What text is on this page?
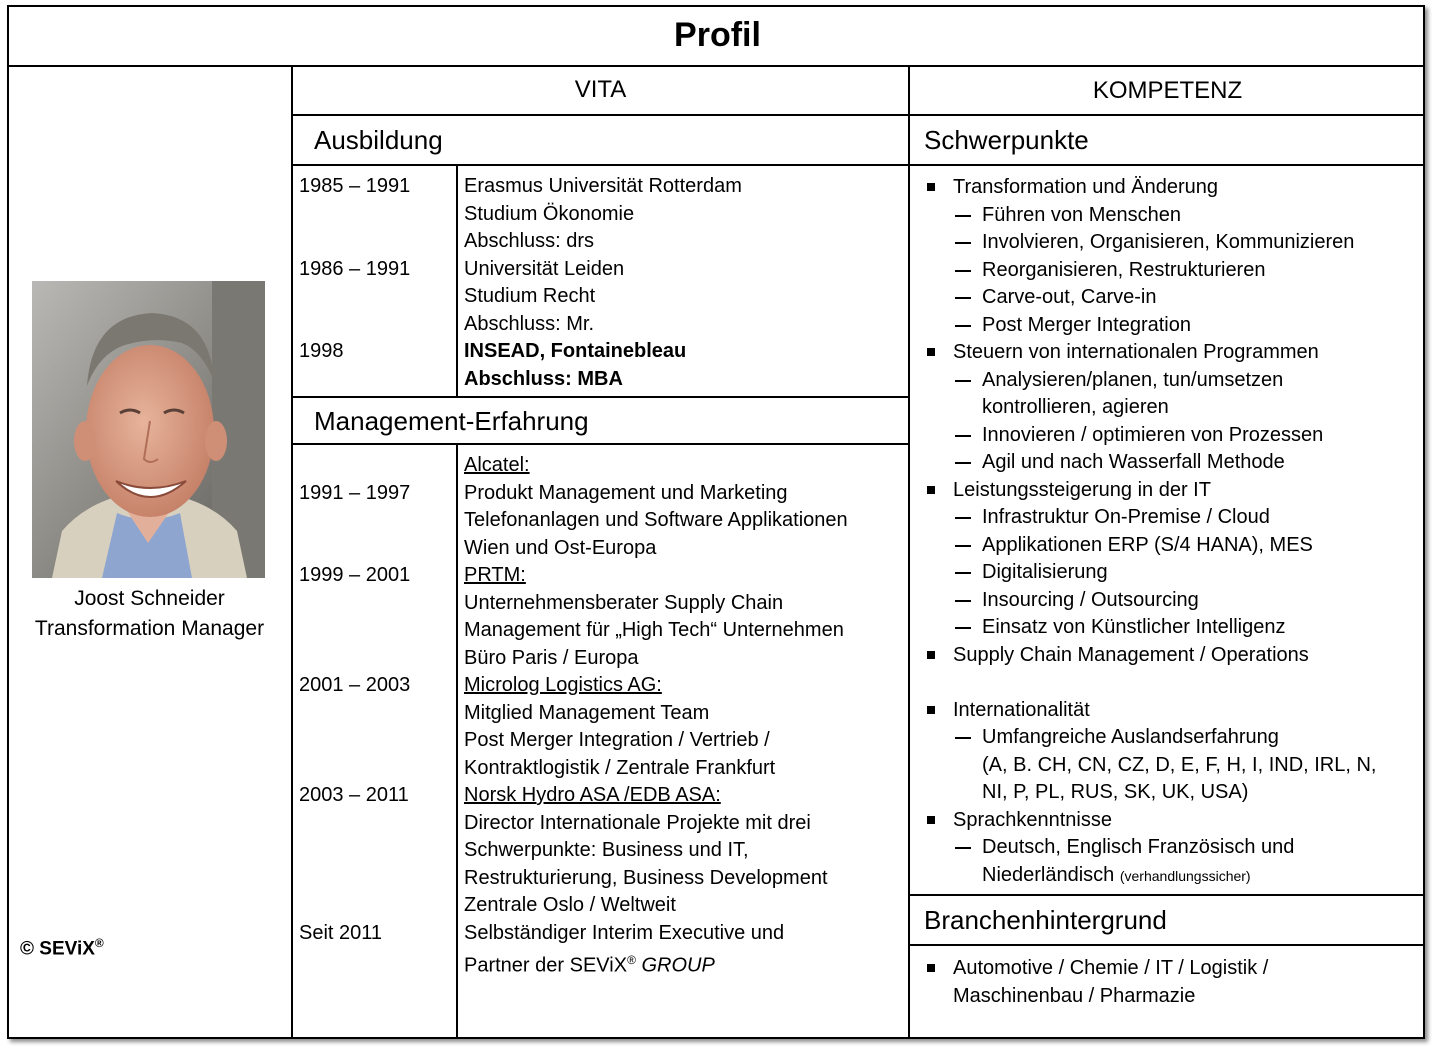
Profil
Joost Schneider
Transformation Manager
© SEViX®
VITA	KOMPETENZ
Ausbildung
1985 – 1991
1986 – 1991
1998
Erasmus Universität Rotterdam
Studium Ökonomie
Abschluss: drs
Universität Leiden
Studium Recht
Abschluss: Mr.
INSEAD, Fontainebleau
Abschluss: MBA
Management-Erfahrung
1991 – 1997
1999 – 2001
2001 – 2003
2003 – 2011
Seit 2011
Alcatel:
Produkt Management und Marketing
Telefonanlagen und Software Applikationen
Wien und Ost-Europa
PRTM:
Unternehmensberater Supply Chain
Management für „High Tech“ Unternehmen
Büro Paris / Europa
Microlog Logistics AG:
Mitglied Management Team
Post Merger Integration / Vertrieb /
Kontraktlogistik / Zentrale Frankfurt
Norsk Hydro ASA /EDB ASA:
Director Internationale Projekte mit drei
Schwerpunkte: Business und IT,
Restrukturierung, Business Development
Zentrale Oslo / Weltweit
Selbständiger Interim Executive und
Partner der SEViX® GROUP
Schwerpunkte
Transformation und Änderung
Führen von Menschen
Involvieren, Organisieren, Kommunizieren
Reorganisieren, Restrukturieren
Carve-out, Carve-in
Post Merger Integration
Steuern von internationalen Programmen
Analysieren/planen, tun/umsetzen
kontrollieren, agieren
Innovieren / optimieren von Prozessen
Agil und nach Wasserfall Methode
Leistungssteigerung in der IT
Infrastruktur On-Premise / Cloud
Applikationen ERP (S/4 HANA), MES
Digitalisierung
Insourcing / Outsourcing
Einsatz von Künstlicher Intelligenz
Supply Chain Management / Operations
Internationalität
Umfangreiche Auslandserfahrung
(A, B. CH, CN, CZ, D, E, F, H, I, IND, IRL, N,
NI, P, PL, RUS, SK, UK, USA)
Sprachkenntnisse
Deutsch, Englisch Französisch und
Niederländisch (verhandlungssicher)
Branchenhintergrund
Automotive / Chemie / IT / Logistik /
Maschinenbau / Pharmazie
